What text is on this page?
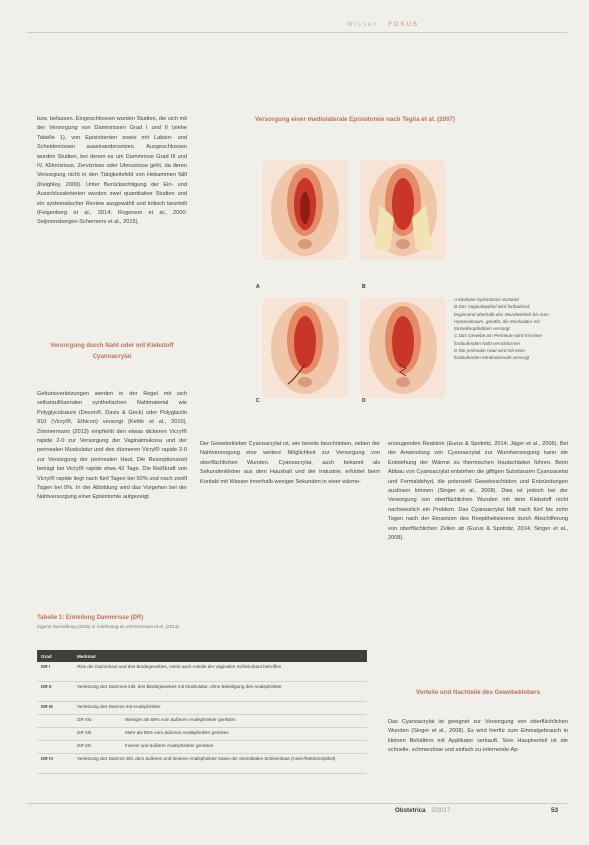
Wissen FOKUS

bzw. befassen. Eingeschlossen wurden Studien, die sich mit der Versorgung von Dammrissen Grad I und II (siehe Tabelle 1), von Episiotomien sowie mit Labien- und Scheidenrissen auseinandersetzen. Ausgeschlossen wurden Studien, bei denen es um Dammrisse Grad III und IV, Klitorisrisse, Zervixrisse oder Uterusrisse geht, da deren Versorgung nicht in den Tätigkeitsfeld von Hebammen fällt (Keighley, 2009). Unter Berücksichtigung der Ein- und Ausschlusskriterien wurden zwei quantitative Studien und ein systematischer Review ausgewählt und kritisch beurteilt (Feigenberg et al., 2014; Rogerson et al., 2000; Seijmonsbergen-Schermers et al., 2015).

Versorgung durch Naht oder mit Klebstoff Cyanoacrylat

Geburtsverletzungen werden in der Regel mit sich selbstauflösenden synthetischen Nahtmaterial wie Polyglycolsäure (Dexon®, Davis & Geck) oder Polyglactin 910 (Vicryl®, Ethicon) versorgt (Kettle et al., 2010). Zimmermann (2013) empfiehlt den etwas dickeren Vicryl® rapide 2-0 zur Versorgung der Vaginalmukosa und der perinealen Muskulatur und den dünneren Vicryl® rapide 3-0 zur Versorgung der perinealen Haut. Die Resorptionszeit beträgt bei Vicryl® rapide etwa 42 Tage. Die Reißkraft von Vicryl® rapide liegt nach fünf Tagen bei 50% und nach zwölf Tagen bei 0%. In der Abbildung wird das Vorgehen bei der Nahtversorgung einer Episiotomie aufgezeigt.

Versorgung einer mediolaterale Episiotomie nach Teglia et al. (2007)
A	B
C	D

A Mediane Episiotomie Zustand

B Das Vaginalepithel wird fortlaufend, beginnend oberhalb des Wundwinkels bis zum Hymenalsaum, genäht, die Muskulatur mit Einzelknopfnähten versorgt

C Das Gewebe am Perineum wird mit einer fortlaufenden Naht verschlossen

D Die perineale Haut wird mit einer fortlaufenden Intrakutannaht versorgt

Der Gewebekleber Cyanoacrylat ist, wie bereits beschrieben, neben der Nahtversorgung eine weitere Möglichkeit zur Versorgung von oberflächlichen Wunden. Cyanoacrylat, auch bekannt als Sekundenkleber aus dem Haushalt und der Industrie, erhärtet beim Kontakt mit Wasser innerhalb weniger Sekunden in einer wärme-

erzeugenden Reaktion (Eurus & Spotnitz, 2014; Jäger et al., 2006). Bei der Anwendung von Cyanoacrylat zur Wundversorgung kann die Entstehung der Wärme zu thermischen Hautschäden führen. Beim Abbau von Cyanoacrylat entstehen die giftigen Substanzen Cyanoacetat und Formaldehyd, die potenziell Gewebeschäden und Entzündungen auslösen können (Singer et al., 2008). Dies ist jedoch bei der Versorgung von oberflächlichen Wunden mit dem Klebstoff nicht nachweislich ein Problem. Das Cyanoacrylat fällt nach fünf bis zehn Tagen nach der Einsetzen des Reepithelisierens durch Abschilferung von oberflächlichen Zellen ab (Eurus & Spotnitz, 2014; Singer et al., 2008).

Vorteile und Nachteile des Gewebeklebers

Das Cyanoacrylat ist geeignet zur Versorgung von oberflächlichen Wunden (Singer et al., 2008). Es wird hierfür zum Einmalgebrauch in kleinen Behältern mit Applikator verkauft. Sein Hauptvorteil ist die schnelle, schmerzlose und einfach zu erlernende Ap-

Tabelle 1: Einteilung Dammrisse (DR)
Eigene Darstellung (2016) in Anlehnung an Zimmermann et al. (2013)
Grad	Merkmal	
DR I	Riss der Dammhaut und des Bindegewebes, meist auch Anteile der vaginalen Schleimhaut betroffen	
DR II	Verletzung des Dammes inkl. des Bindegewebes mit Muskulatur, ohne Beteiligung des Analsphinkter	
DR III	Verletzung des Damms mit Analsphinkter	
	DR IIIa	Weniger als 50% vom äußeren Analsphinkter gerissen
	DR IIIb	Mehr als 50% vom äußeren Analsphinkter gerissen
	DR IIIc	Innerer und äußerer Analsphinkter gerissen
DR IV	Verletzung des Damms inkl. dem äußeren und inneren Analsphinkter sowie der anorektalen Schleimhaut (Anal-/Rektumepithel)	
Obstetrica 5/2017	53
